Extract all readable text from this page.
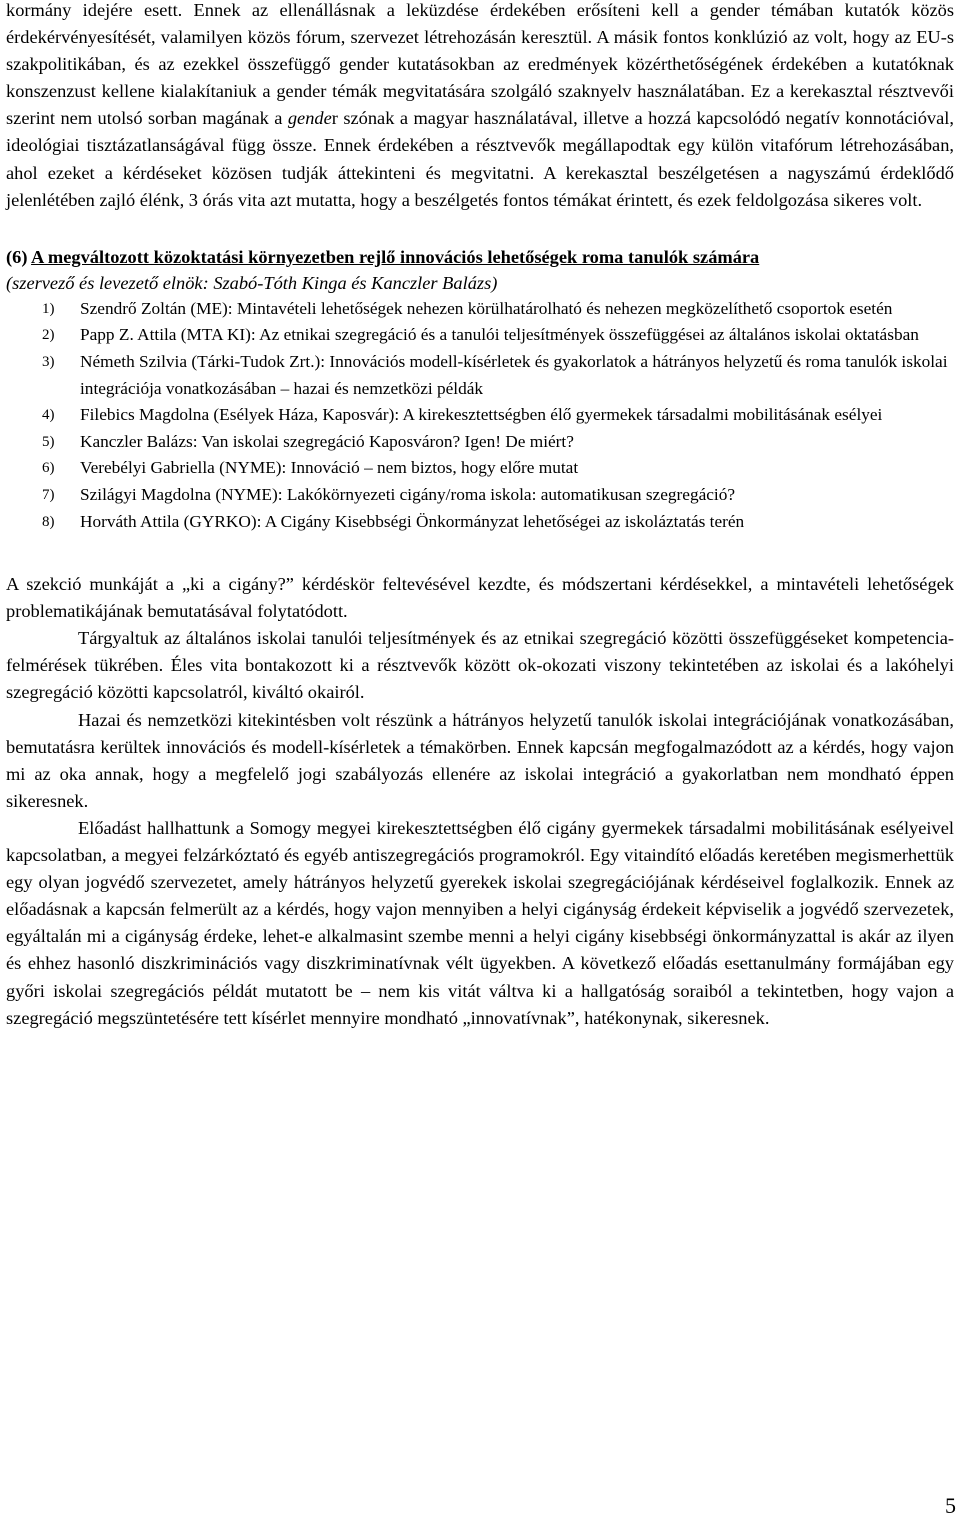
kormány idejére esett. Ennek az ellenállásnak a leküzdése érdekében erősíteni kell a gender témában kutatók közös érdekérvényesítését, valamilyen közös fórum, szervezet létrehozásán keresztül. A másik fontos konklúzió az volt, hogy az EU-s szakpolitikában, és az ezekkel összefüggő gender kutatásokban az eredmények közérthetőségének érdekében a kutatóknak konszenzust kellene kialakítaniuk a gender témák megvitatására szolgáló szaknyelv használatában. Ez a kerekasztal résztvevői szerint nem utolsó sorban magának a gender szónak a magyar használatával, illetve a hozzá kapcsolódó negatív konnotációval, ideológiai tisztázatlanságával függ össze. Ennek érdekében a résztvevők megállapodtak egy külön vitafórum létrehozásában, ahol ezeket a kérdéseket közösen tudják áttekinteni és megvitatni. A kerekasztal beszélgetésen a nagyszámú érdeklődő jelenlétében zajló élénk, 3 órás vita azt mutatta, hogy a beszélgetés fontos témákat érintett, és ezek feldolgozása sikeres volt.

(6) A megváltozott közoktatási környezetben rejlő innovációs lehetőségek roma tanulók számára

(szervező és levezető elnök: Szabó-Tóth Kinga és Kanczler Balázs)

1) Szendrő Zoltán (ME): Mintavételi lehetőségek nehezen körülhatárolható és nehezen megközelíthető csoportok esetén
2) Papp Z. Attila (MTA KI): Az etnikai szegregáció és a tanulói teljesítmények összefüggései az általános iskolai oktatásban
3) Németh Szilvia (Tárki-Tudok Zrt.): Innovációs modell-kísérletek és gyakorlatok a hátrányos helyzetű és roma tanulók iskolai integrációja vonatkozásában – hazai és nemzetközi példák
4) Filebics Magdolna (Esélyek Háza, Kaposvár): A kirekesztettségben élő gyermekek társadalmi mobilitásának esélyei
5) Kanczler Balázs: Van iskolai szegregáció Kaposváron? Igen! De miért?
6) Verebélyi Gabriella (NYME): Innováció – nem biztos, hogy előre mutat
7) Szilágyi Magdolna (NYME): Lakókörnyezeti cigány/roma iskola: automatikusan szegregáció?
8) Horváth Attila (GYRKO): A Cigány Kisebbségi Önkormányzat lehetőségei az iskoláztatás terén

A szekció munkáját a „ki a cigány?” kérdéskör feltevésével kezdte, és módszertani kérdésekkel, a mintavételi lehetőségek problematikájának bemutatásával folytatódott.

Tárgyaltuk az általános iskolai tanulói teljesítmények és az etnikai szegregáció közötti összefüggéseket kompetencia-felmérések tükrében. Éles vita bontakozott ki a résztvevők között ok-okozati viszony tekintetében az iskolai és a lakóhelyi szegregáció közötti kapcsolatról, kiváltó okairól.

Hazai és nemzetközi kitekintésben volt részünk a hátrányos helyzetű tanulók iskolai integrációjának vonatkozásában, bemutatásra kerültek innovációs és modell-kísérletek a témakörben. Ennek kapcsán megfogalmazódott az a kérdés, hogy vajon mi az oka annak, hogy a megfelelő jogi szabályozás ellenére az iskolai integráció a gyakorlatban nem mondható éppen sikeresnek.

Előadást hallhattunk a Somogy megyei kirekesztettségben élő cigány gyermekek társadalmi mobilitásának esélyeivel kapcsolatban, a megyei felzárkóztató és egyéb antiszegregációs programokról. Egy vitaindító előadás keretében megismerhettük egy olyan jogvédő szervezetet, amely hátrányos helyzetű gyerekek iskolai szegregációjának kérdéseivel foglalkozik. Ennek az előadásnak a kapcsán felmerült az a kérdés, hogy vajon mennyiben a helyi cigányság érdekeit képviselik a jogvédő szervezetek, egyáltalán mi a cigányság érdeke, lehet-e alkalmasint szembe menni a helyi cigány kisebbségi önkormányzattal is akár az ilyen és ehhez hasonló diszkriminációs vagy diszkriminatívnak vélt ügyekben. A következő előadás esettanulmány formájában egy győri iskolai szegregációs példát mutatott be – nem kis vitát váltva ki a hallgatóság soraiból a tekintetben, hogy vajon a szegregáció megszüntetésére tett kísérlet mennyire mondható „innovatívnak”, hatékonynak, sikeresnek.

5
